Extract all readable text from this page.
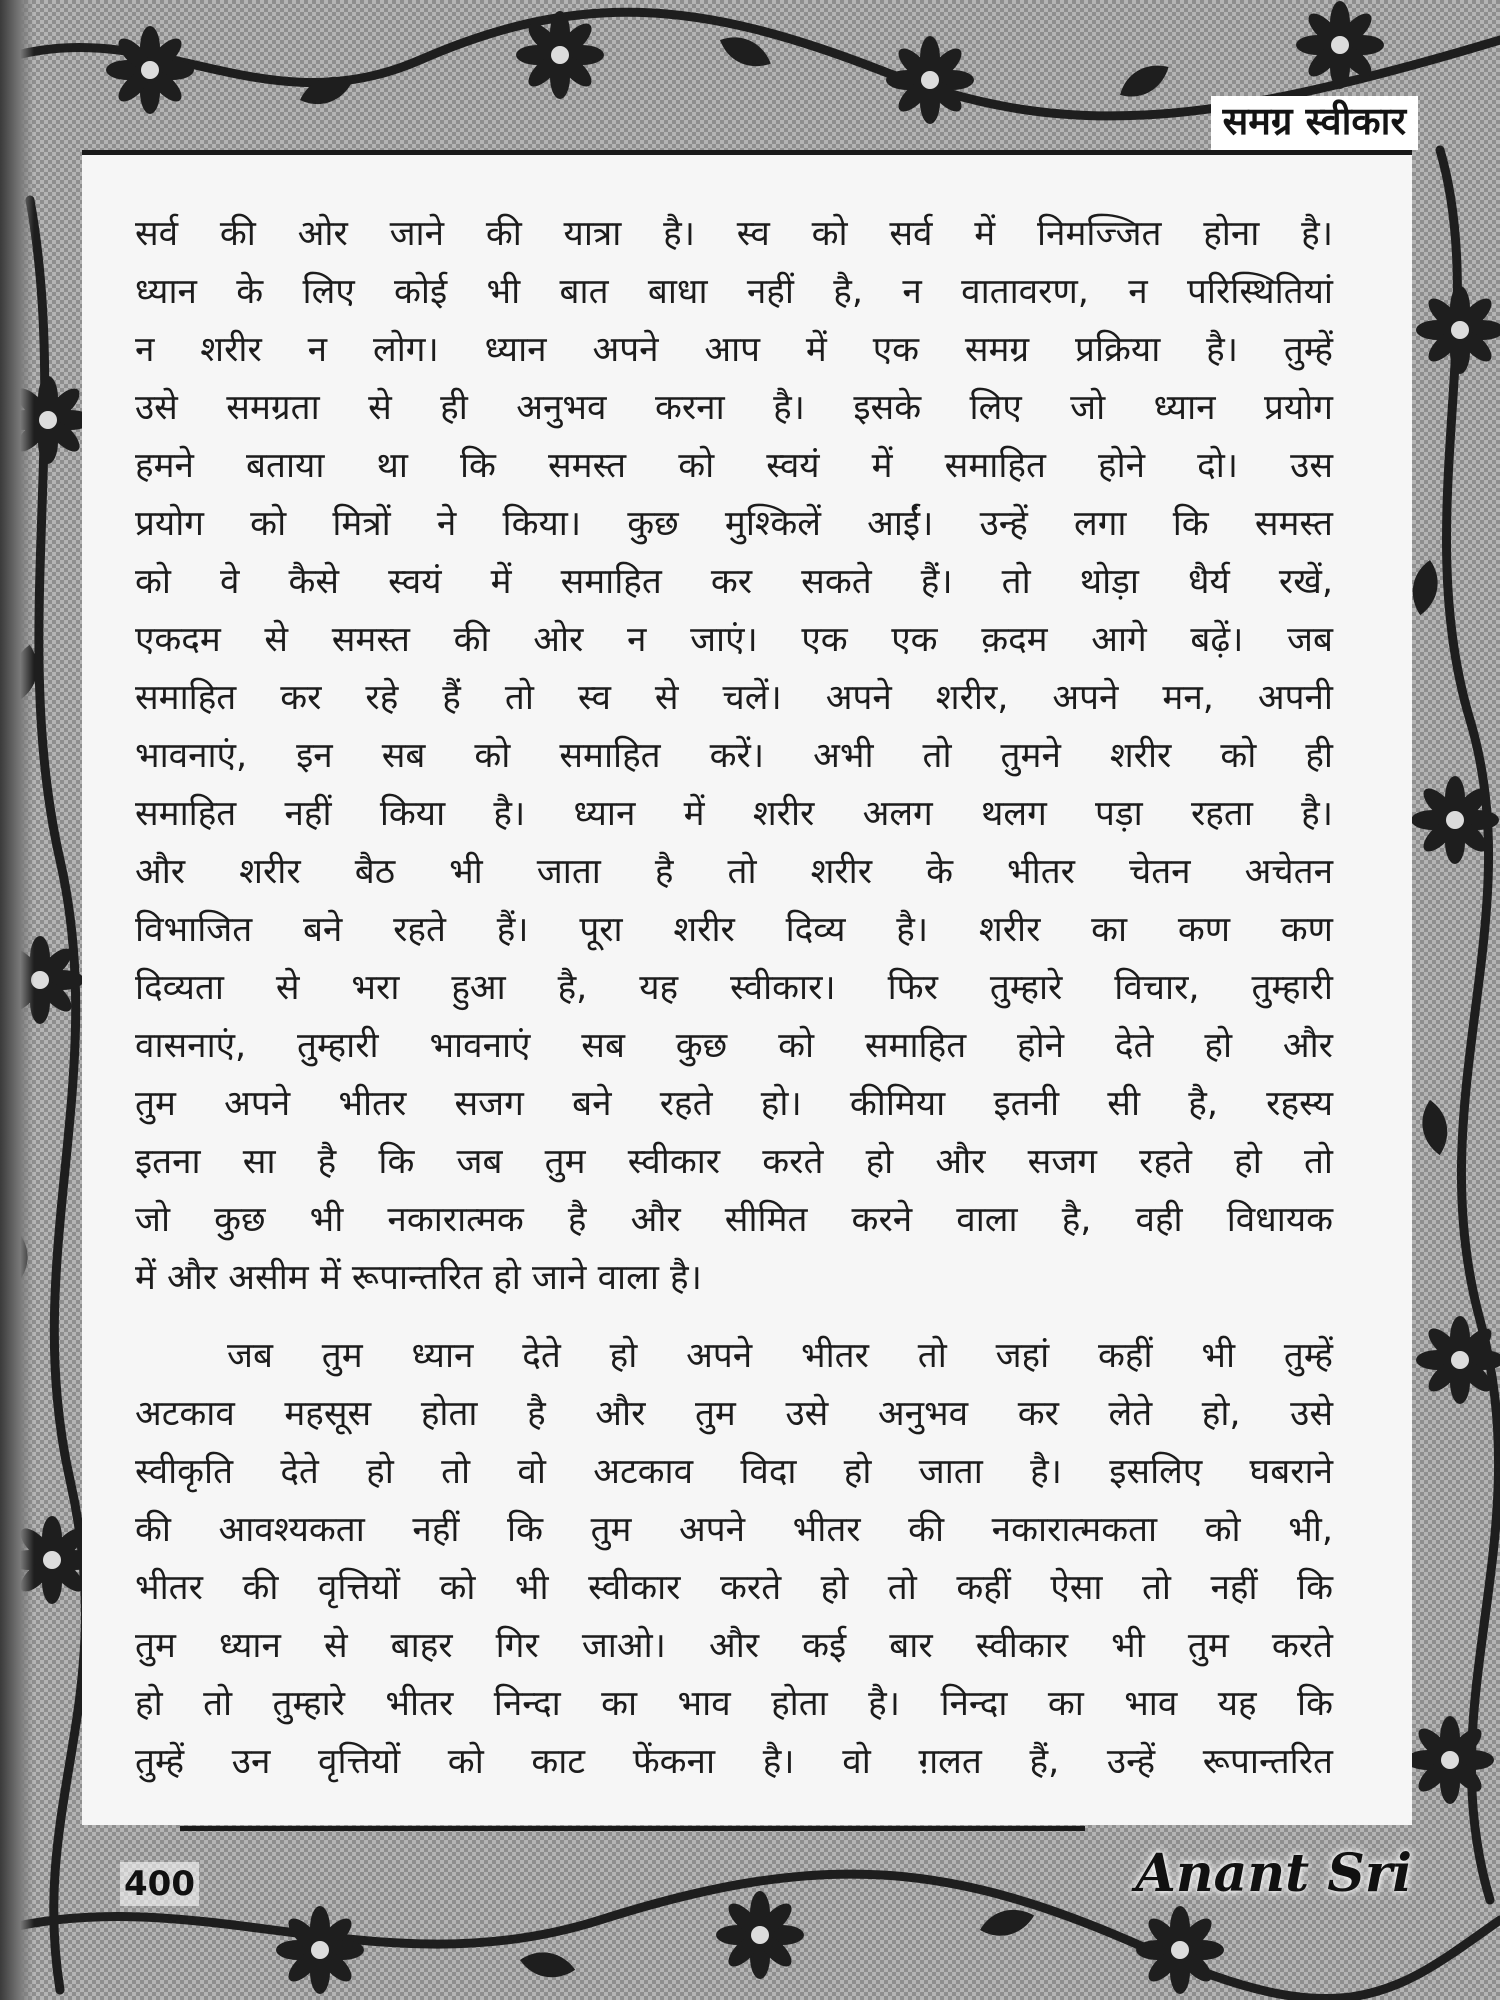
समग्र स्वीकार
सर्व की ओर जाने की यात्रा है। स्व को सर्व में निमज्जित होना है।
ध्यान के लिए कोई भी बात बाधा नहीं है, न वातावरण, न परिस्थितियां
न शरीर न लोग। ध्यान अपने आप में एक समग्र प्रक्रिया है। तुम्हें
उसे समग्रता से ही अनुभव करना है। इसके लिए जो ध्यान प्रयोग
हमने बताया था कि समस्त को स्वयं में समाहित होने दो। उस
प्रयोग को मित्रों ने किया। कुछ मुश्किलें आईं। उन्हें लगा कि समस्त
को वे कैसे स्वयं में समाहित कर सकते हैं। तो थोड़ा धैर्य रखें,
एकदम से समस्त की ओर न जाएं। एक एक क़दम आगे बढ़ें। जब
समाहित कर रहे हैं तो स्व से चलें। अपने शरीर, अपने मन, अपनी
भावनाएं, इन सब को समाहित करें। अभी तो तुमने शरीर को ही
समाहित नहीं किया है। ध्यान में शरीर अलग थलग पड़ा रहता है।
और शरीर बैठ भी जाता है तो शरीर के भीतर चेतन अचेतन
विभाजित बने रहते हैं। पूरा शरीर दिव्य है। शरीर का कण कण
दिव्यता से भरा हुआ है, यह स्वीकार। फिर तुम्हारे विचार, तुम्हारी
वासनाएं, तुम्हारी भावनाएं सब कुछ को समाहित होने देते हो और
तुम अपने भीतर सजग बने रहते हो। कीमिया इतनी सी है, रहस्य
इतना सा है कि जब तुम स्वीकार करते हो और सजग रहते हो तो
जो कुछ भी नकारात्मक है और सीमित करने वाला है, वही विधायक
में और असीम में रूपान्तरित हो जाने वाला है।
जब तुम ध्यान देते हो अपने भीतर तो जहां कहीं भी तुम्हें
अटकाव महसूस होता है और तुम उसे अनुभव कर लेते हो, उसे
स्वीकृति देते हो तो वो अटकाव विदा हो जाता है। इसलिए घबराने
की आवश्यकता नहीं कि तुम अपने भीतर की नकारात्मकता को भी,
भीतर की वृत्तियों को भी स्वीकार करते हो तो कहीं ऐसा तो नहीं कि
तुम ध्यान से बाहर गिर जाओ। और कई बार स्वीकार भी तुम करते
हो तो तुम्हारे भीतर निन्दा का भाव होता है। निन्दा का भाव यह कि
तुम्हें उन वृत्तियों को काट फेंकना है। वो ग़लत हैं, उन्हें रूपान्तरित
400	Anant Sri
